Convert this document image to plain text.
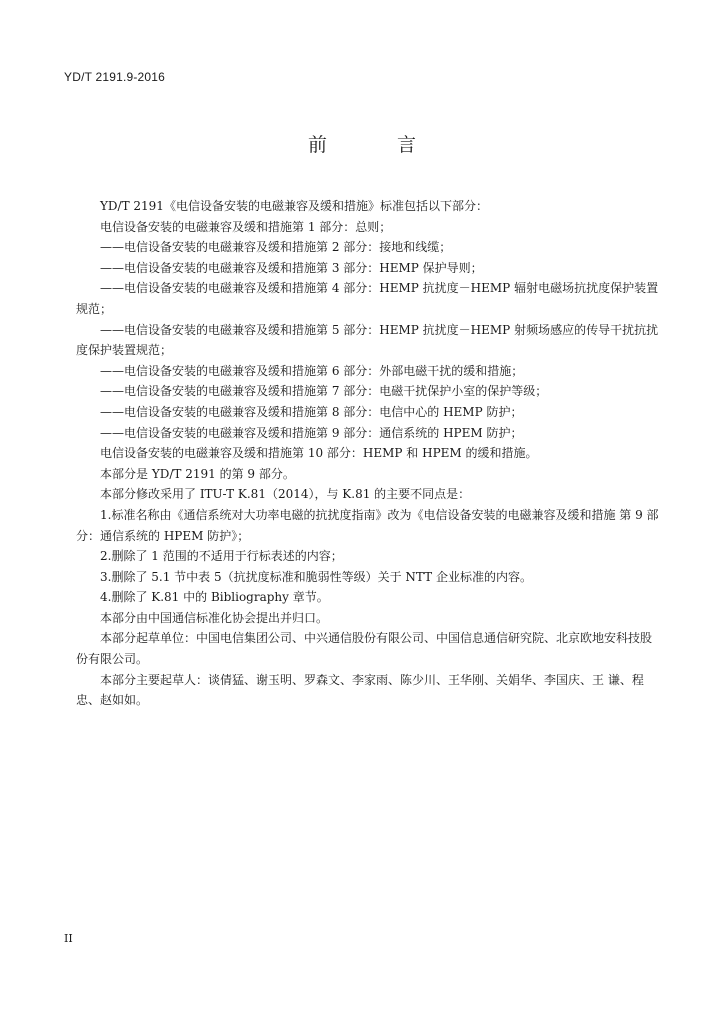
YD/T 2191.9-2016
前 言

YD/T 2191《电信设备安装的电磁兼容及缓和措施》标准包括以下部分：

电信设备安装的电磁兼容及缓和措施第 1 部分：总则；

——电信设备安装的电磁兼容及缓和措施第 2 部分：接地和线缆；

——电信设备安装的电磁兼容及缓和措施第 3 部分：HEMP 保护导则；

——电信设备安装的电磁兼容及缓和措施第 4 部分：HEMP 抗扰度－HEMP 辐射电磁场抗扰度保护装置规范；

——电信设备安装的电磁兼容及缓和措施第 5 部分：HEMP 抗扰度－HEMP 射频场感应的传导干扰抗扰度保护装置规范；

——电信设备安装的电磁兼容及缓和措施第 6 部分：外部电磁干扰的缓和措施；

——电信设备安装的电磁兼容及缓和措施第 7 部分：电磁干扰保护小室的保护等级；

——电信设备安装的电磁兼容及缓和措施第 8 部分：电信中心的 HEMP 防护；

——电信设备安装的电磁兼容及缓和措施第 9 部分：通信系统的 HPEM 防护；

电信设备安装的电磁兼容及缓和措施第 10 部分：HEMP 和 HPEM 的缓和措施。

本部分是 YD/T 2191 的第 9 部分。

本部分修改采用了 ITU-T K.81（2014），与 K.81 的主要不同点是：

1.标准名称由《通信系统对大功率电磁的抗扰度指南》改为《电信设备安装的电磁兼容及缓和措施 第 9 部分：通信系统的 HPEM 防护》；

2.删除了 1 范围的不适用于行标表述的内容；

3.删除了 5.1 节中表 5（抗扰度标准和脆弱性等级）关于 NTT 企业标准的内容。

4.删除了 K.81 中的 Bibliography 章节。

本部分由中国通信标准化协会提出并归口。

本部分起草单位：中国电信集团公司、中兴通信股份有限公司、中国信息通信研究院、北京欧地安科技股份有限公司。

本部分主要起草人：谈倩猛、谢玉明、罗森文、李家雨、陈少川、王华刚、关娟华、李国庆、王 谦、程 忠、赵如如。

II
